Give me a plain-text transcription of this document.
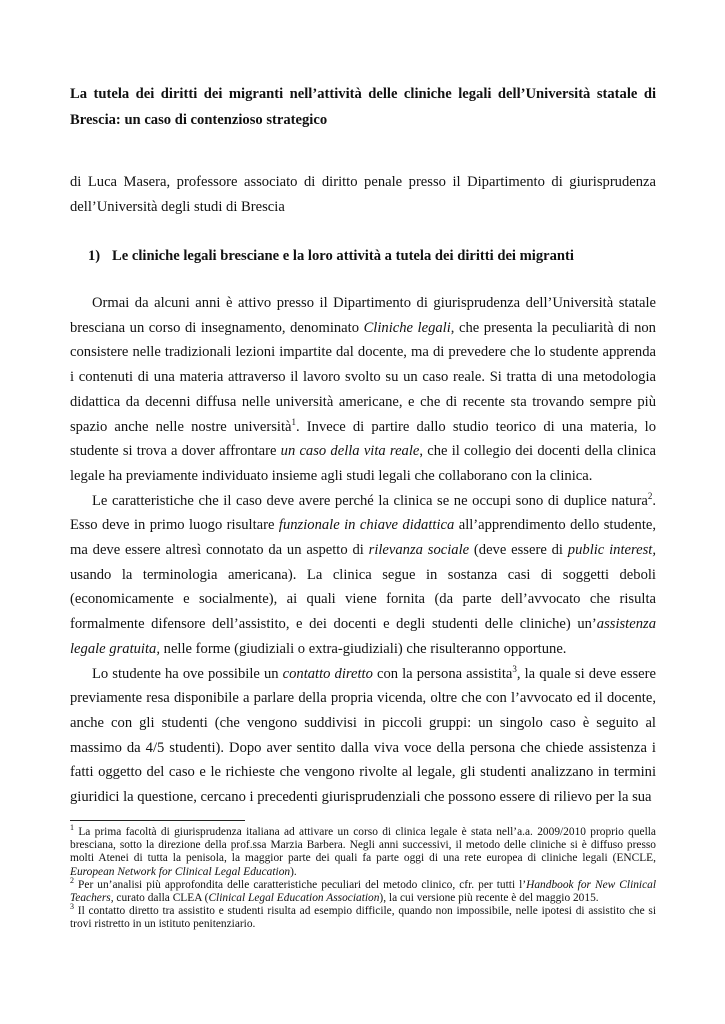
La tutela dei diritti dei migranti nell’attività delle cliniche legali dell’Università statale di Brescia: un caso di contenzioso strategico
di Luca Masera, professore associato di diritto penale presso il Dipartimento di giurisprudenza dell’Università degli studi di Brescia
1) Le cliniche legali bresciane e la loro attività a tutela dei diritti dei migranti

Ormai da alcuni anni è attivo presso il Dipartimento di giurisprudenza dell’Università statale bresciana un corso di insegnamento, denominato Cliniche legali, che presenta la peculiarità di non consistere nelle tradizionali lezioni impartite dal docente, ma di prevedere che lo studente apprenda i contenuti di una materia attraverso il lavoro svolto su un caso reale. Si tratta di una metodologia didattica da decenni diffusa nelle università americane, e che di recente sta trovando sempre più spazio anche nelle nostre università$^1$. Invece di partire dallo studio teorico di una materia, lo studente si trova a dover affrontare un caso della vita reale, che il collegio dei docenti della clinica legale ha previamente individuato insieme agli studi legali che collaborano con la clinica.

Le caratteristiche che il caso deve avere perché la clinica se ne occupi sono di duplice natura$^2$. Esso deve in primo luogo risultare funzionale in chiave didattica all’apprendimento dello studente, ma deve essere altresì connotato da un aspetto di rilevanza sociale (deve essere di public interest, usando la terminologia americana). La clinica segue in sostanza casi di soggetti deboli (economicamente e socialmente), ai quali viene fornita (da parte dell’avvocato che risulta formalmente difensore dell’assistito, e dei docenti e degli studenti delle cliniche) un’assistenza legale gratuita, nelle forme (giudiziali o extra-giudiziali) che risulteranno opportune.

Lo studente ha ove possibile un contatto diretto con la persona assistita$^3$, la quale si deve essere previamente resa disponibile a parlare della propria vicenda, oltre che con l’avvocato ed il docente, anche con gli studenti (che vengono suddivisi in piccoli gruppi: un singolo caso è seguito al massimo da 4/5 studenti). Dopo aver sentito dalla viva voce della persona che chiede assistenza i fatti oggetto del caso e le richieste che vengono rivolte al legale, gli studenti analizzano in termini giuridici la questione, cercano i precedenti giurisprudenziali che possono essere di rilievo per la sua

$^1$ La prima facoltà di giurisprudenza italiana ad attivare un corso di clinica legale è stata nell’a.a. 2009/2010 proprio quella bresciana, sotto la direzione della prof.ssa Marzia Barbera. Negli anni successivi, il metodo delle cliniche si è diffuso presso molti Atenei di tutta la penisola, la maggior parte dei quali fa parte oggi di una rete europea di cliniche legali (ENCLE, European Network for Clinical Legal Education).

$^2$ Per un’analisi più approfondita delle caratteristiche peculiari del metodo clinico, cfr. per tutti l’Handbook for New Clinical Teachers, curato dalla CLEA (Clinical Legal Education Association), la cui versione più recente è del maggio 2015.

$^3$ Il contatto diretto tra assistito e studenti risulta ad esempio difficile, quando non impossibile, nelle ipotesi di assistito che si trovi ristretto in un istituto penitenziario.
